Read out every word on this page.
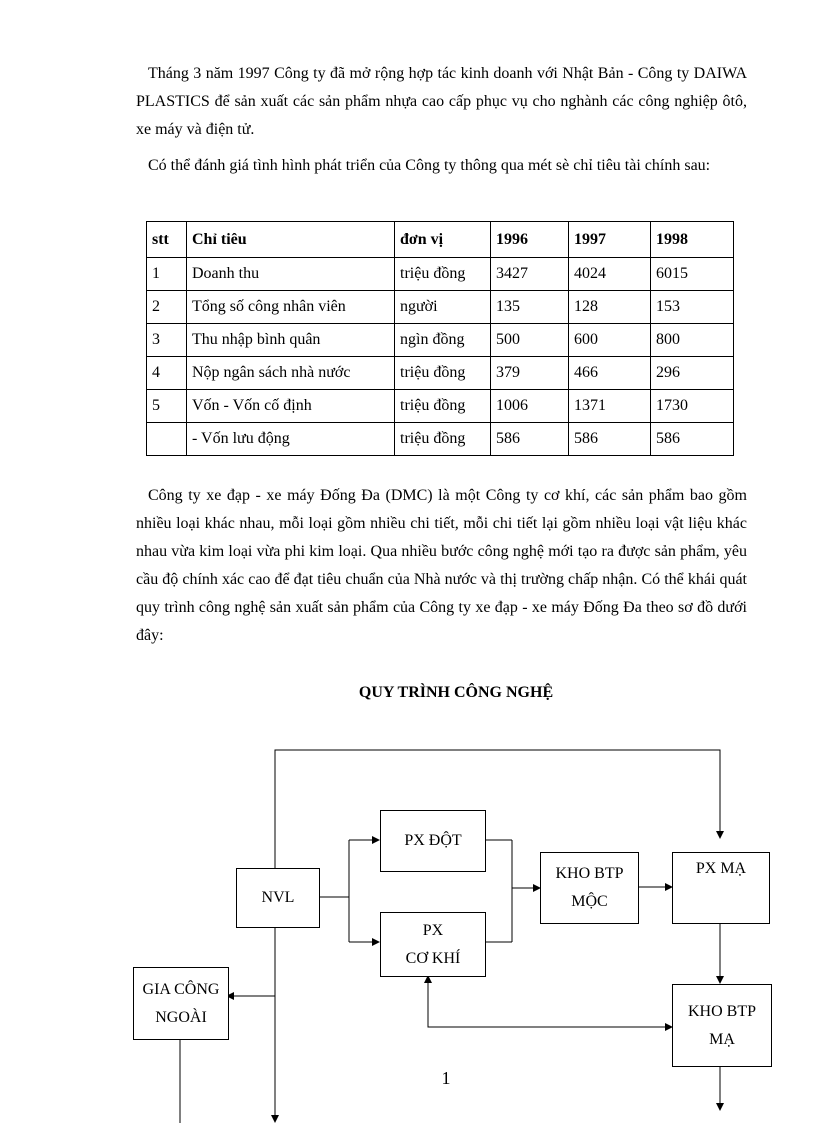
Tháng 3 năm 1997 Công ty đã mở rộng hợp tác kinh doanh với Nhật Bản - Công ty DAIWA PLASTICS để sản xuất các sản phẩm nhựa cao cấp phục vụ cho nghành các công nghiệp ôtô, xe máy và điện tử.

Có thể đánh giá tình hình phát triển của Công ty thông qua mét sè chỉ tiêu tài chính sau:

stt	Chỉ tiêu	đơn vị	1996	1997	1998
1	Doanh thu	triệu đồng	3427	4024	6015
2	Tổng số công nhân viên	người	135	128	153
3	Thu nhập bình quân	ngìn đồng	500	600	800
4	Nộp ngân sách nhà nước	triệu đồng	379	466	296
5	Vốn - Vốn cố định	triệu đồng	1006	1371	1730
	- Vốn lưu động	triệu đồng	586	586	586

Công ty xe đạp - xe máy Đống Đa (DMC) là một Công ty cơ khí, các sản phẩm bao gồm nhiều loại khác nhau, mỗi loại gồm nhiều chi tiết, mỗi chi tiết lại gồm nhiều loại vật liệu khác nhau vừa kim loại vừa phi kim loại. Qua nhiều bước công nghệ mới tạo ra được sản phẩm, yêu cầu độ chính xác cao để đạt tiêu chuẩn của Nhà nước và thị trường chấp nhận. Có thể khái quát quy trình công nghệ sản xuất sản phẩm của Công ty xe đạp - xe máy Đống Đa theo sơ đồ dưới đây:

QUY TRÌNH CÔNG NGHỆ

NVL
PX ĐỘT
PX
CƠ KHÍ
KHO BTP
MỘC
PX MẠ
KHO BTP
MẠ
GIA CÔNG
NGOÀI

1
